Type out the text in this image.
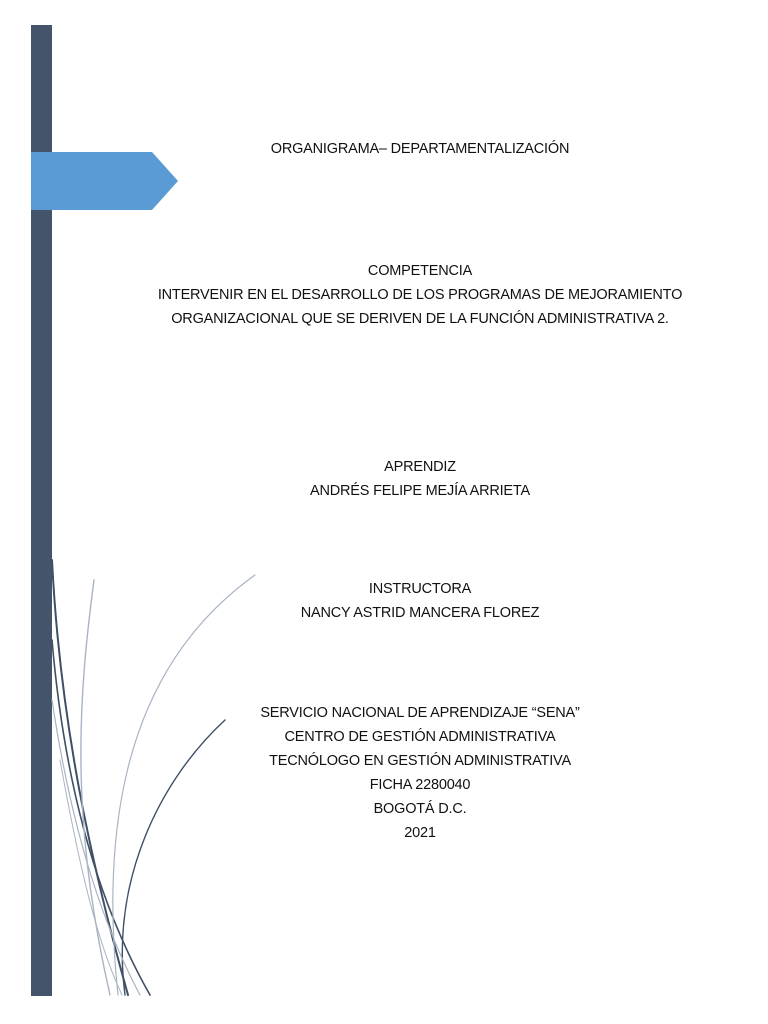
ORGANIGRAMA– DEPARTAMENTALIZACIÓN
COMPETENCIA
INTERVENIR EN EL DESARROLLO DE LOS PROGRAMAS DE MEJORAMIENTO
ORGANIZACIONAL QUE SE DERIVEN DE LA FUNCIÓN ADMINISTRATIVA 2.
APRENDIZ
ANDRÉS FELIPE MEJÍA ARRIETA
INSTRUCTORA
NANCY ASTRID MANCERA FLOREZ
SERVICIO NACIONAL DE APRENDIZAJE “SENA”
CENTRO DE GESTIÓN ADMINISTRATIVA
TECNÓLOGO EN GESTIÓN ADMINISTRATIVA
FICHA 2280040
BOGOTÁ D.C.
2021
